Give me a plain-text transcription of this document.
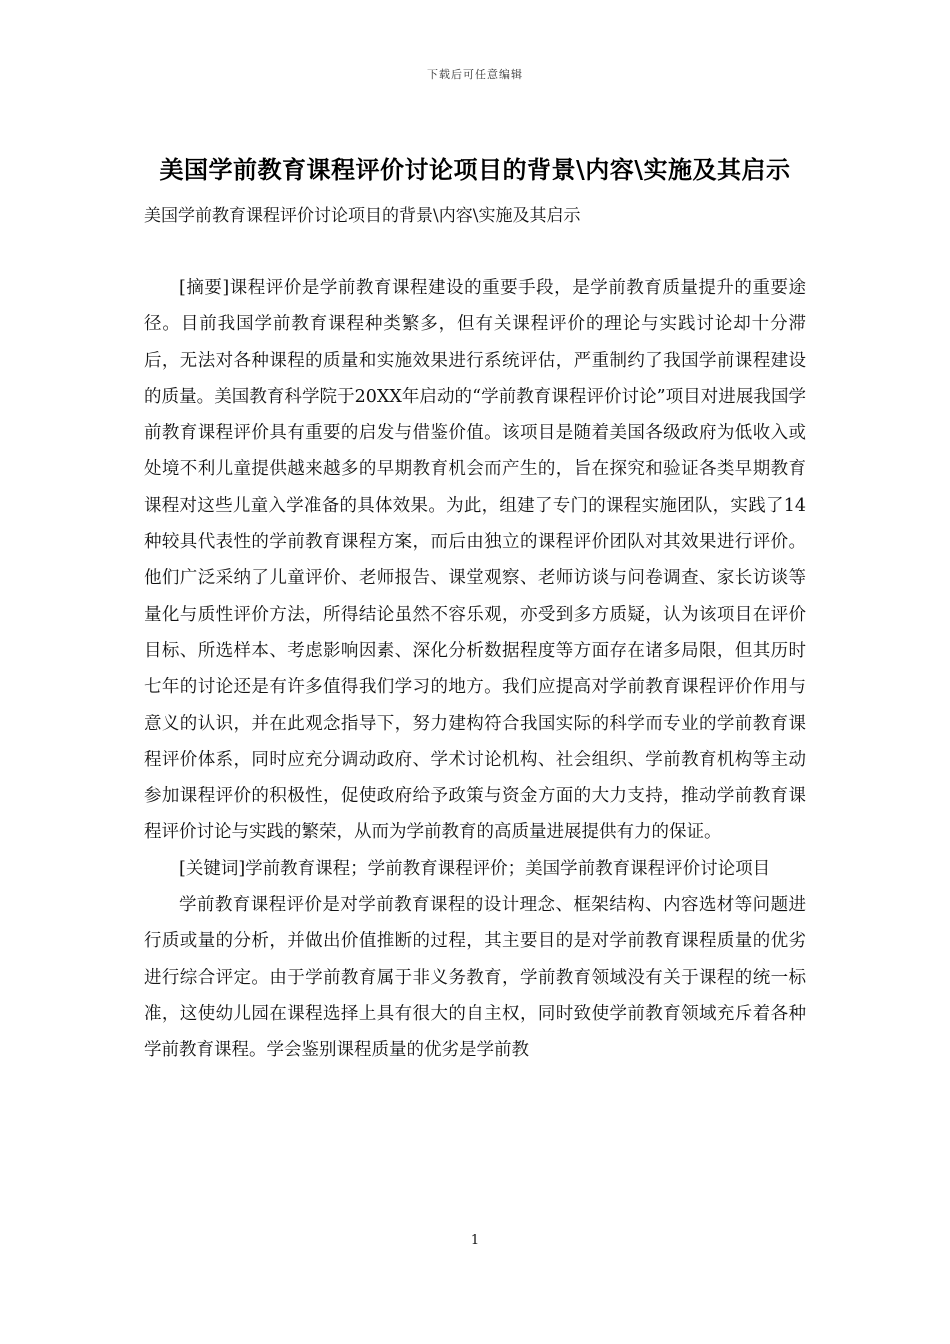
下载后可任意编辑
美国学前教育课程评价讨论项目的背景\内容\实施及其启示
美国学前教育课程评价讨论项目的背景\内容\实施及其启示

[摘要]课程评价是学前教育课程建设的重要手段，是学前教育质量提升的重要途径。目前我国学前教育课程种类繁多，但有关课程评价的理论与实践讨论却十分滞后，无法对各种课程的质量和实施效果进行系统评估，严重制约了我国学前课程建设的质量。美国教育科学院于20XX年启动的“学前教育课程评价讨论”项目对进展我国学前教育课程评价具有重要的启发与借鉴价值。该项目是随着美国各级政府为低收入或处境不利儿童提供越来越多的早期教育机会而产生的，旨在探究和验证各类早期教育课程对这些儿童入学准备的具体效果。为此，组建了专门的课程实施团队，实践了14种较具代表性的学前教育课程方案，而后由独立的课程评价团队对其效果进行评价。他们广泛采纳了儿童评价、老师报告、课堂观察、老师访谈与问卷调查、家长访谈等量化与质性评价方法，所得结论虽然不容乐观，亦受到多方质疑，认为该项目在评价目标、所选样本、考虑影响因素、深化分析数据程度等方面存在诸多局限，但其历时七年的讨论还是有许多值得我们学习的地方。我们应提高对学前教育课程评价作用与意义的认识，并在此观念指导下，努力建构符合我国实际的科学而专业的学前教育课程评价体系，同时应充分调动政府、学术讨论机构、社会组织、学前教育机构等主动参加课程评价的积极性，促使政府给予政策与资金方面的大力支持，推动学前教育课程评价讨论与实践的繁荣，从而为学前教育的高质量进展提供有力的保证。

[关键词]学前教育课程；学前教育课程评价；美国学前教育课程评价讨论项目

学前教育课程评价是对学前教育课程的设计理念、框架结构、内容选材等问题进行质或量的分析，并做出价值推断的过程，其主要目的是对学前教育课程质量的优劣进行综合评定。由于学前教育属于非义务教育，学前教育领域没有关于课程的统一标准，这使幼儿园在课程选择上具有很大的自主权，同时致使学前教育领域充斥着各种学前教育课程。学会鉴别课程质量的优劣是学前教

1
